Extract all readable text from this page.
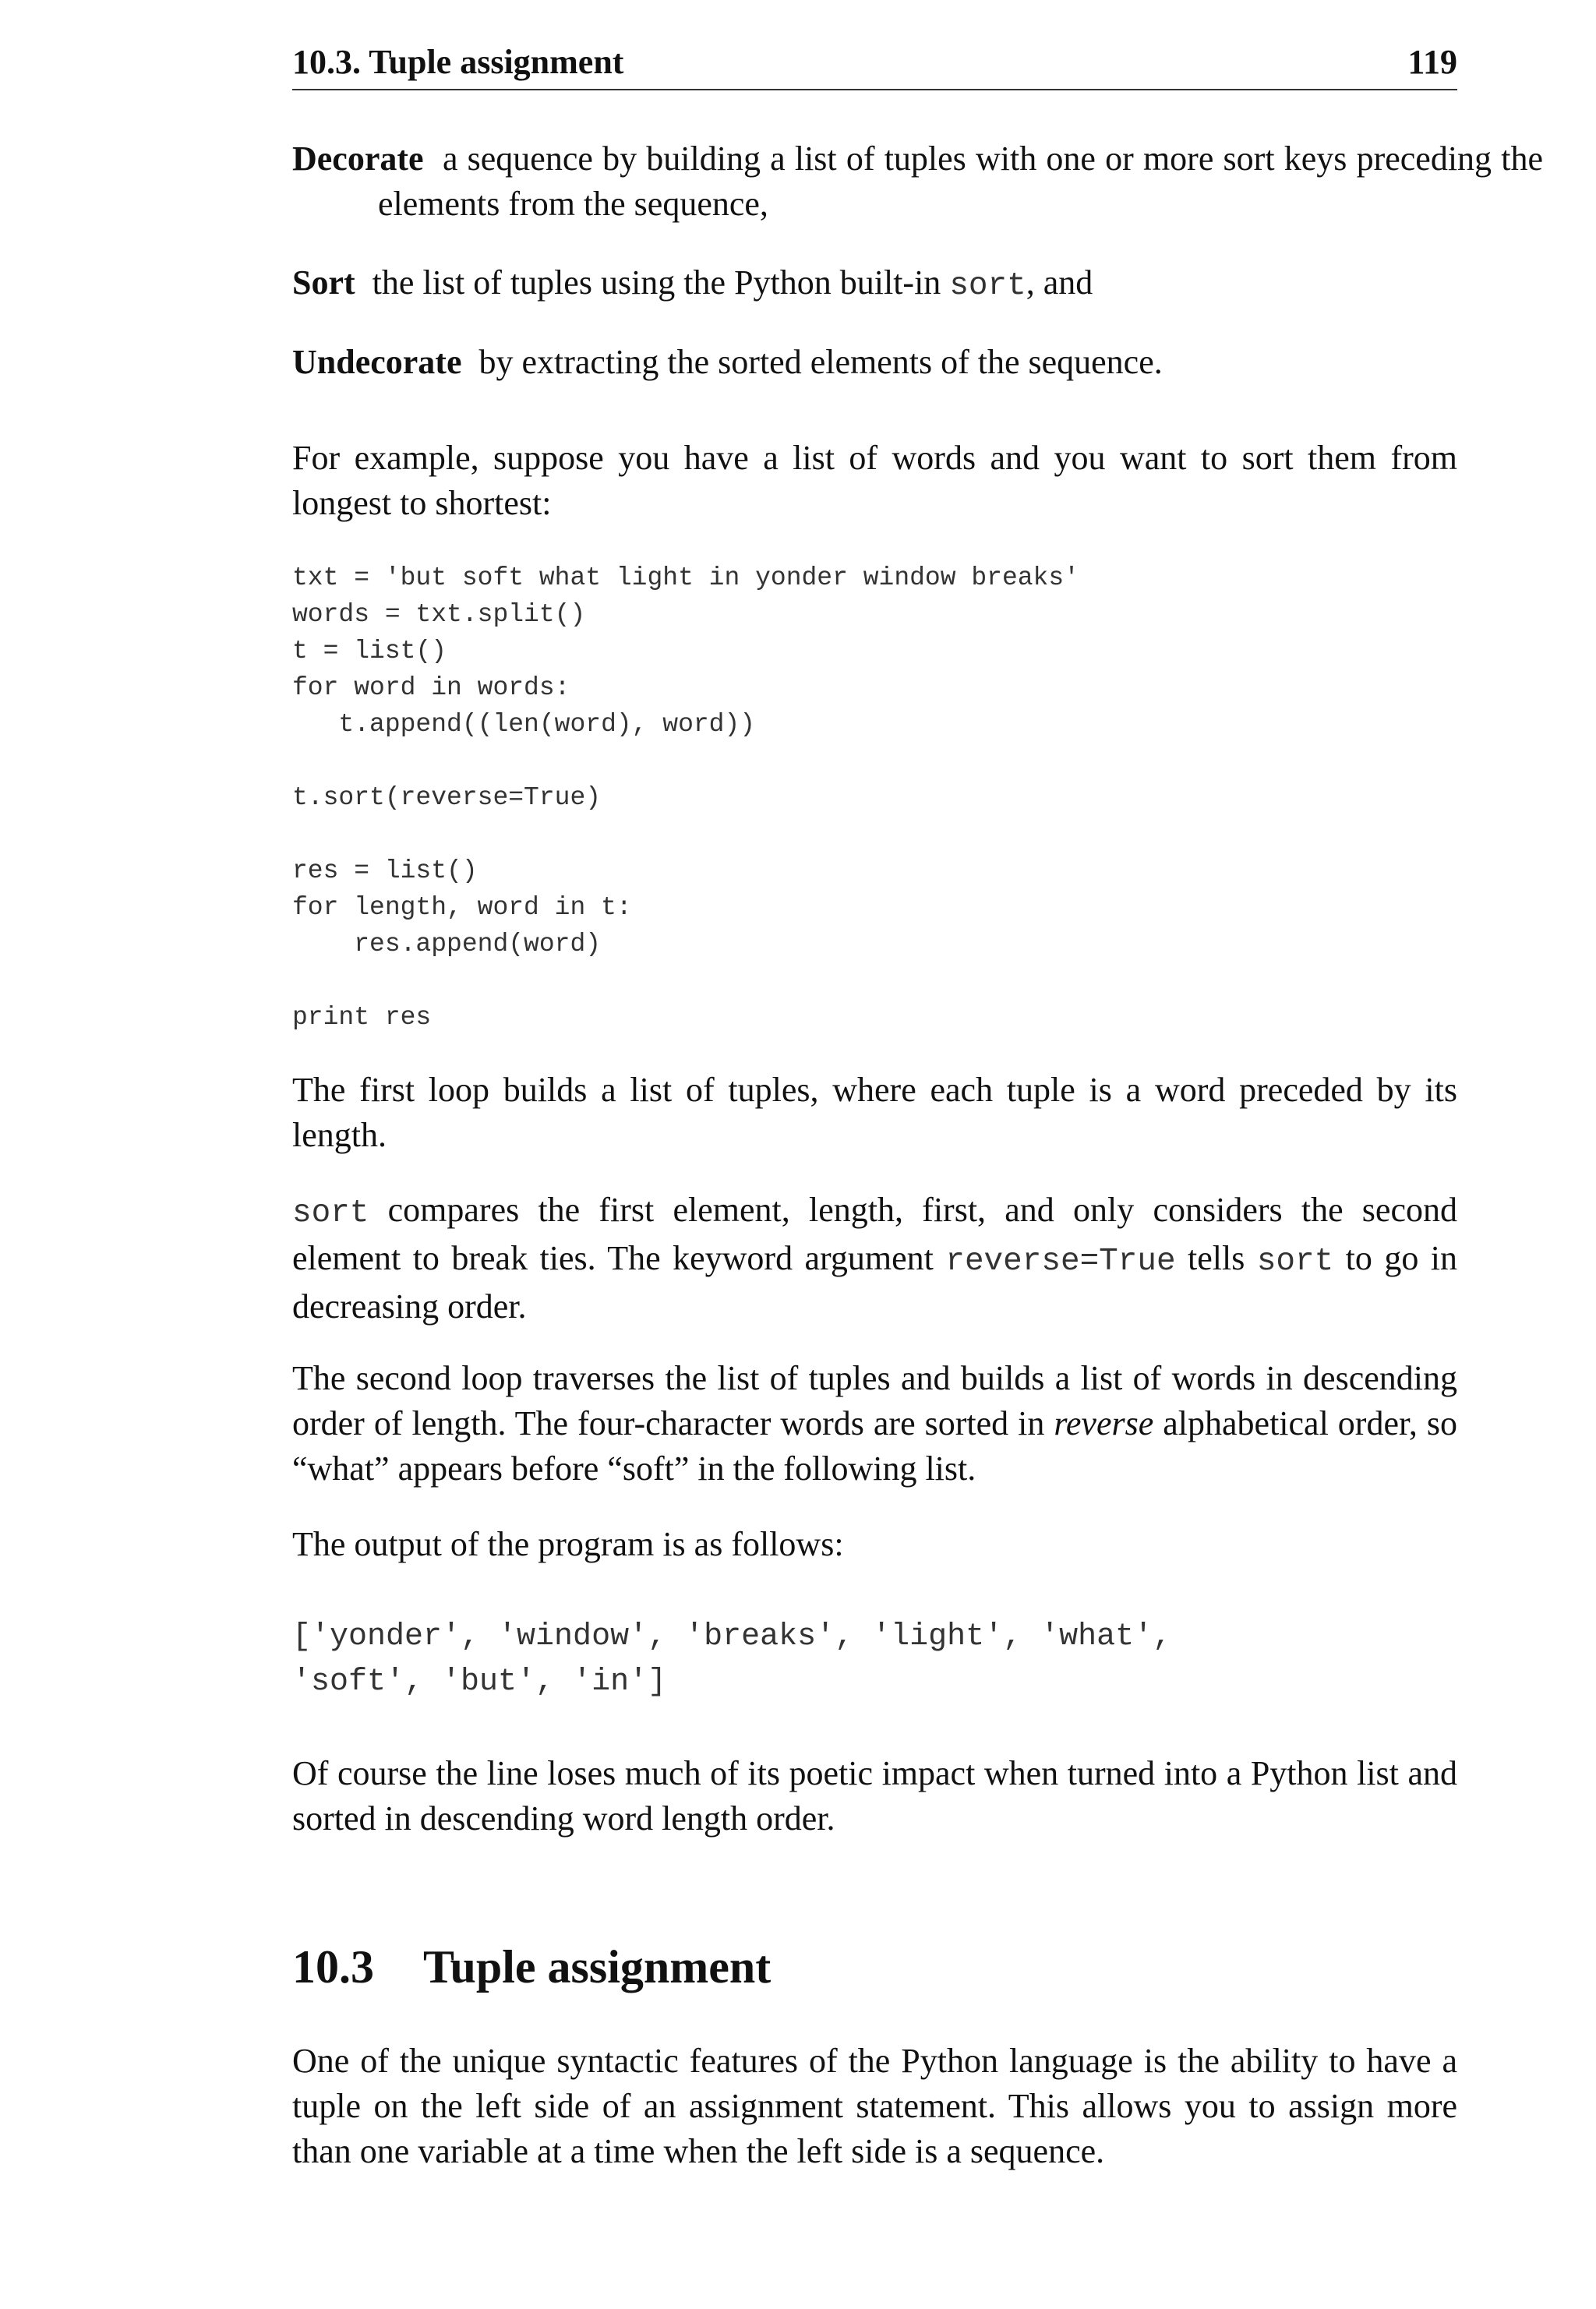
10.3. Tuple assignment	119
Decorate a sequence by building a list of tuples with one or more sort keys preceding the elements from the sequence,
Sort the list of tuples using the Python built-in sort, and
Undecorate by extracting the sorted elements of the sequence.
For example, suppose you have a list of words and you want to sort them from longest to shortest:
txt = 'but soft what light in yonder window breaks'
words = txt.split()
t = list()
for word in words:
t.append((len(word), word))

t.sort(reverse=True)

res = list()
for length, word in t:
res.append(word)

print res
The first loop builds a list of tuples, where each tuple is a word preceded by its length.
sort compares the first element, length, first, and only considers the second element to break ties. The keyword argument reverse=True tells sort to go in decreasing order.
The second loop traverses the list of tuples and builds a list of words in descending order of length. The four-character words are sorted in reverse alphabetical order, so “what” appears before “soft” in the following list.
The output of the program is as follows:
['yonder', 'window', 'breaks', 'light', 'what',
'soft', 'but', 'in']
Of course the line loses much of its poetic impact when turned into a Python list and sorted in descending word length order.
10.3 Tuple assignment
One of the unique syntactic features of the Python language is the ability to have a tuple on the left side of an assignment statement. This allows you to assign more than one variable at a time when the left side is a sequence.
